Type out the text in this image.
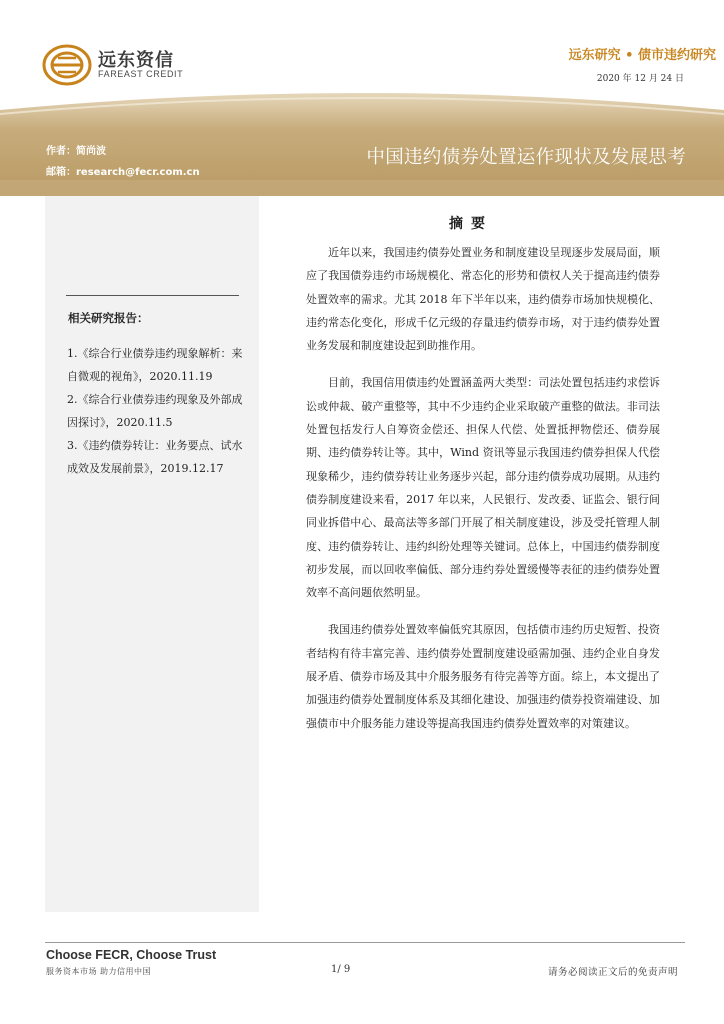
远东资信
FAREAST CREDIT
远东研究 • 债市违约研究
2020 年 12 月 24 日
作者：简尚波
邮箱：research@fecr.com.cn
中国违约债券处置运作现状及发展思考
相关研究报告：
1.《综合行业债券违约现象解析：来自微观的视角》，2020.11.19
2.《综合行业债券违约现象及外部成因探讨》，2020.11.5
3.《违约债券转让：业务要点、试水成效及发展前景》，2019.12.17
摘要

近年以来，我国违约债券处置业务和制度建设呈现逐步发展局面，顺应了我国债券违约市场规模化、常态化的形势和债权人关于提高违约债券处置效率的需求。尤其 2018 年下半年以来，违约债券市场加快规模化、违约常态化变化，形成千亿元级的存量违约债券市场，对于违约债券处置业务发展和制度建设起到助推作用。

目前，我国信用债违约处置涵盖两大类型：司法处置包括违约求偿诉讼或仲裁、破产重整等，其中不少违约企业采取破产重整的做法。非司法处置包括发行人自筹资金偿还、担保人代偿、处置抵押物偿还、债券展期、违约债券转让等。其中，Wind 资讯等显示我国违约债券担保人代偿现象稀少，违约债券转让业务逐步兴起，部分违约债券成功展期。从违约债券制度建设来看，2017 年以来，人民银行、发改委、证监会、银行间同业拆借中心、最高法等多部门开展了相关制度建设，涉及受托管理人制度、违约债券转让、违约纠纷处理等关键词。总体上，中国违约债券制度初步发展，而以回收率偏低、部分违约券处置缓慢等表征的违约债券处置效率不高问题依然明显。

我国违约债券处置效率偏低究其原因，包括债市违约历史短暂、投资者结构有待丰富完善、违约债券处置制度建设亟需加强、违约企业自身发展矛盾、债券市场及其中介服务服务有待完善等方面。综上，本文提出了加强违约债券处置制度体系及其细化建设、加强违约债券投资端建设、加强债市中介服务能力建设等提高我国违约债券处置效率的对策建议。

Choose FECR, Choose Trust
服务资本市场 助力信用中国	1/ 9	请务必阅读正文后的免责声明
